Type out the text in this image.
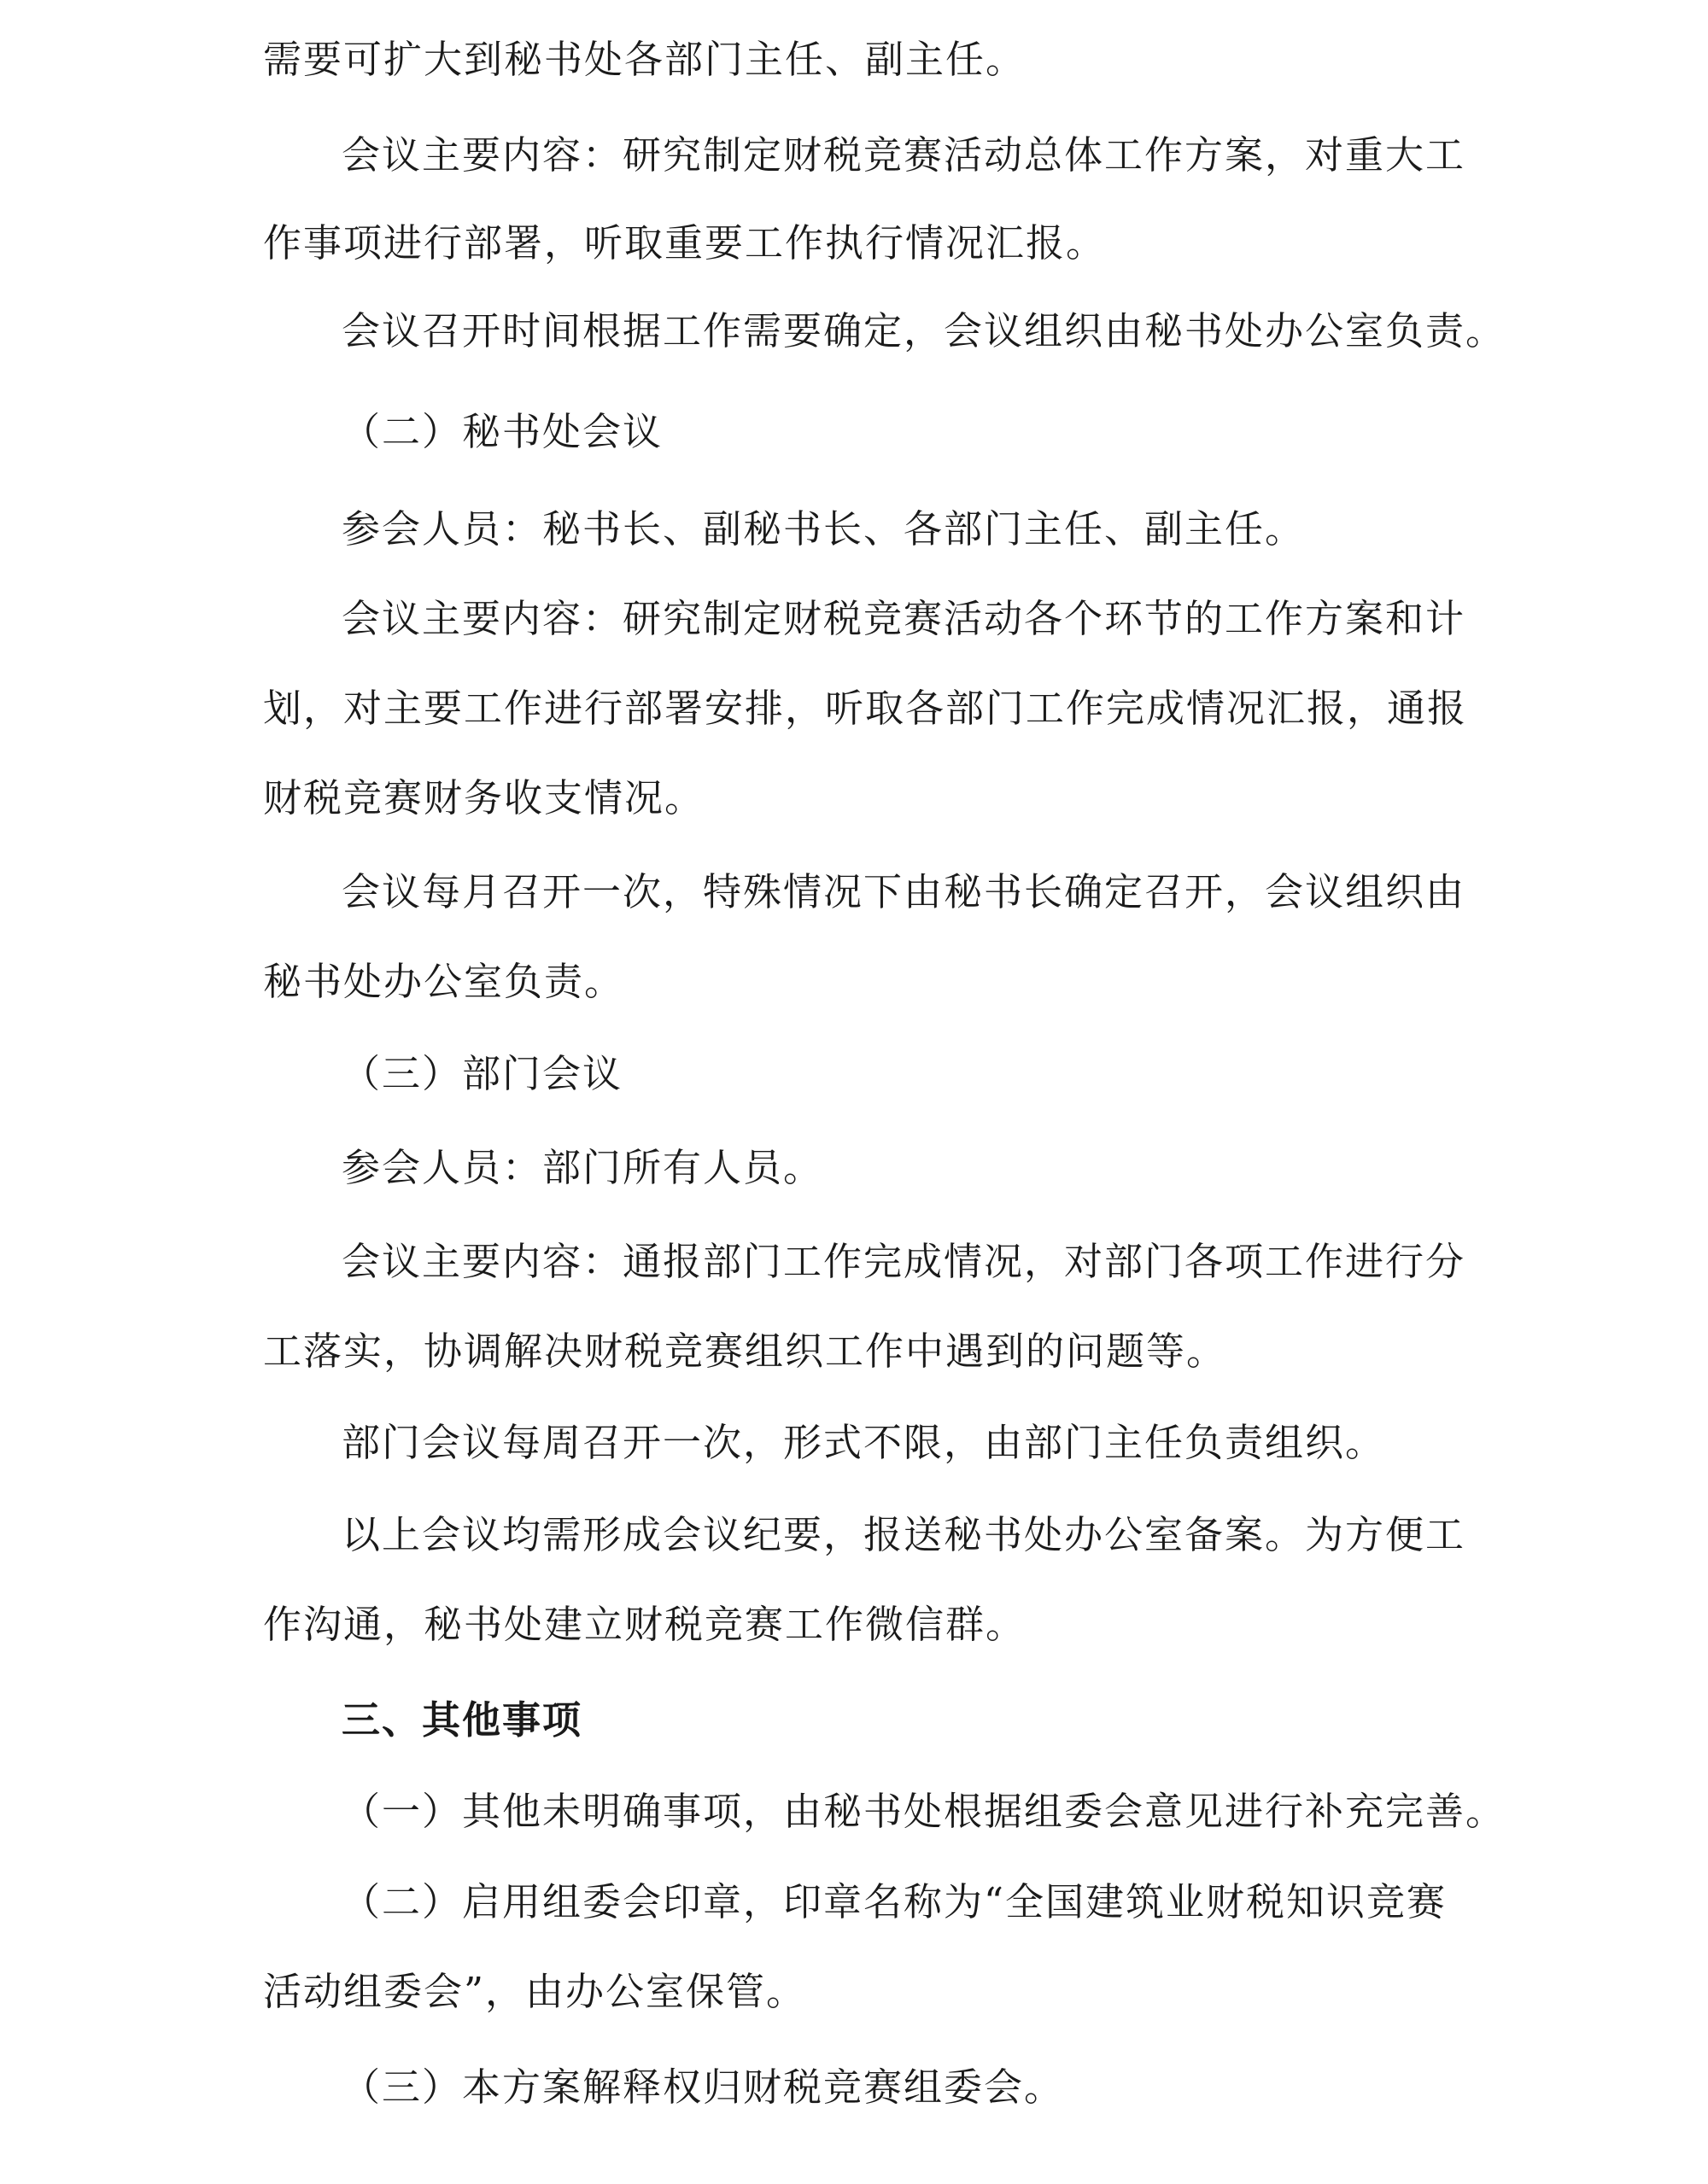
需要可扩大到秘书处各部门主任、副主任。
会议主要内容：研究制定财税竞赛活动总体工作方案，对重大工
作事项进行部署，听取重要工作执行情况汇报。
会议召开时间根据工作需要确定，会议组织由秘书处办公室负责。
（二）秘书处会议
参会人员：秘书长、副秘书长、各部门主任、副主任。
会议主要内容：研究制定财税竞赛活动各个环节的工作方案和计
划，对主要工作进行部署安排，听取各部门工作完成情况汇报，通报
财税竞赛财务收支情况。
会议每月召开一次，特殊情况下由秘书长确定召开，会议组织由
秘书处办公室负责。
（三）部门会议
参会人员：部门所有人员。
会议主要内容：通报部门工作完成情况，对部门各项工作进行分
工落实，协调解决财税竞赛组织工作中遇到的问题等。
部门会议每周召开一次，形式不限，由部门主任负责组织。
以上会议均需形成会议纪要，报送秘书处办公室备案。为方便工
作沟通，秘书处建立财税竞赛工作微信群。
三、其他事项
（一）其他未明确事项，由秘书处根据组委会意见进行补充完善。
（二）启用组委会印章，印章名称为“全国建筑业财税知识竞赛
活动组委会”，由办公室保管。
（三）本方案解释权归财税竞赛组委会。
